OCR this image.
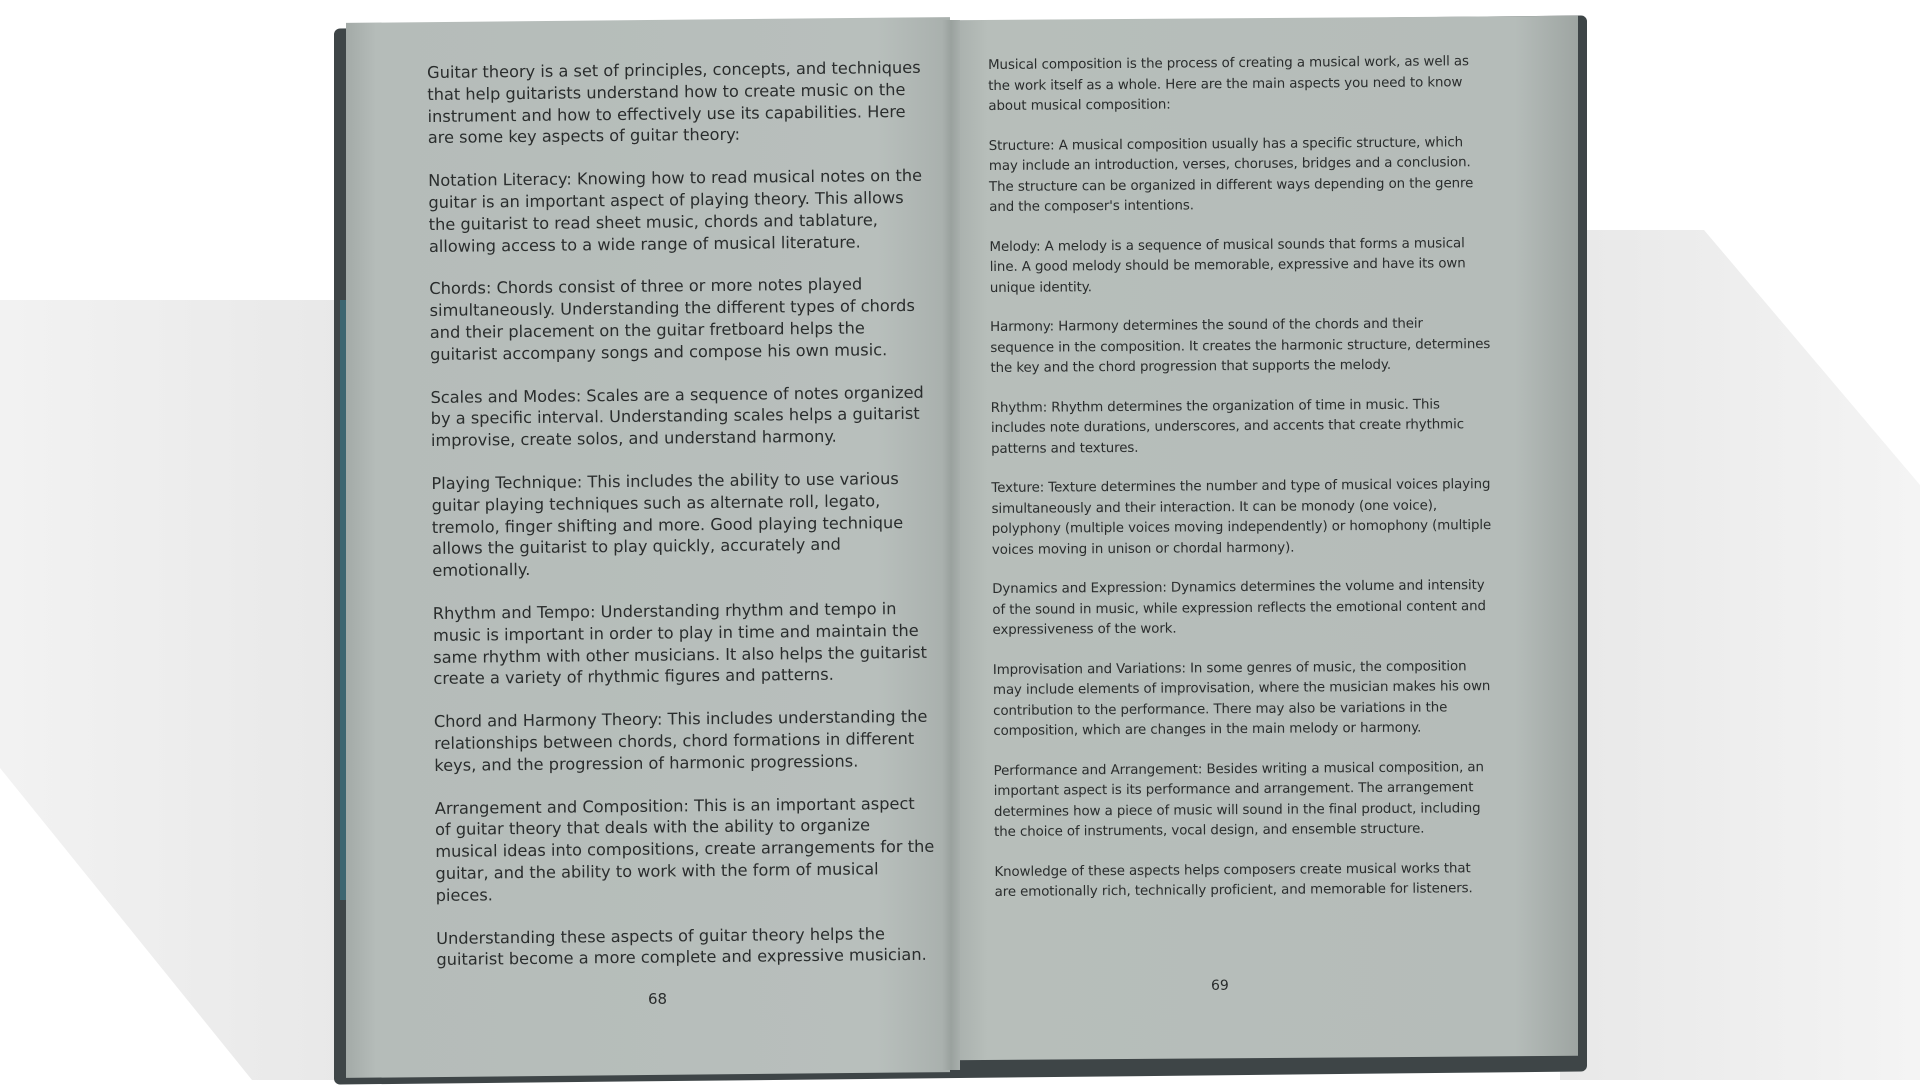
Guitar theory is a set of principles, concepts, and techniques that help guitarists understand how to create music on the instrument and how to effectively use its capabilities. Here are some key aspects of guitar theory:

Notation Literacy: Knowing how to read musical notes on the guitar is an important aspect of playing theory. This allows the guitarist to read sheet music, chords and tablature, allowing access to a wide range of musical literature.

Chords: Chords consist of three or more notes played simultaneously. Understanding the different types of chords and their placement on the guitar fretboard helps the guitarist accompany songs and compose his own music.

Scales and Modes: Scales are a sequence of notes organized by a specific interval. Understanding scales helps a guitarist improvise, create solos, and understand harmony.

Playing Technique: This includes the ability to use various guitar playing techniques such as alternate roll, legato, tremolo, finger shifting and more. Good playing technique allows the guitarist to play quickly, accurately and emotionally.

Rhythm and Tempo: Understanding rhythm and tempo in music is important in order to play in time and maintain the same rhythm with other musicians. It also helps the guitarist create a variety of rhythmic figures and patterns.

Chord and Harmony Theory: This includes understanding the relationships between chords, chord formations in different keys, and the progression of harmonic progressions.

Arrangement and Composition: This is an important aspect of guitar theory that deals with the ability to organize musical ideas into compositions, create arrangements for the guitar, and the ability to work with the form of musical pieces.

Understanding these aspects of guitar theory helps the guitarist become a more complete and expressive musician.

68

Musical composition is the process of creating a musical work, as well as the work itself as a whole. Here are the main aspects you need to know about musical composition:

Structure: A musical composition usually has a specific structure, which may include an introduction, verses, choruses, bridges and a conclusion. The structure can be organized in different ways depending on the genre and the composer's intentions.

Melody: A melody is a sequence of musical sounds that forms a musical line. A good melody should be memorable, expressive and have its own unique identity.

Harmony: Harmony determines the sound of the chords and their sequence in the composition. It creates the harmonic structure, determines the key and the chord progression that supports the melody.

Rhythm: Rhythm determines the organization of time in music. This includes note durations, underscores, and accents that create rhythmic patterns and textures.

Texture: Texture determines the number and type of musical voices playing simultaneously and their interaction. It can be monody (one voice), polyphony (multiple voices moving independently) or homophony (multiple voices moving in unison or chordal harmony).

Dynamics and Expression: Dynamics determines the volume and intensity of the sound in music, while expression reflects the emotional content and expressiveness of the work.

Improvisation and Variations: In some genres of music, the composition may include elements of improvisation, where the musician makes his own contribution to the performance. There may also be variations in the composition, which are changes in the main melody or harmony.

Performance and Arrangement: Besides writing a musical composition, an important aspect is its performance and arrangement. The arrangement determines how a piece of music will sound in the final product, including the choice of instruments, vocal design, and ensemble structure.

Knowledge of these aspects helps composers create musical works that are emotionally rich, technically proficient, and memorable for listeners.

69
